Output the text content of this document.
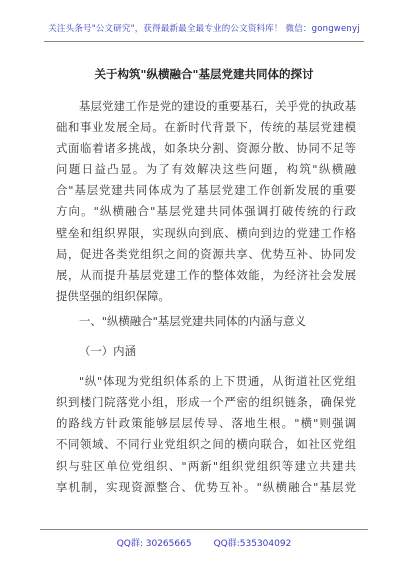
关注头条号"公文研究"，获得最新最全最专业的公文资料库！ 微信：gongwenyj
关于构筑"纵横融合"基层党建共同体的探讨

基层党建工作是党的建设的重要基石，关乎党的执政基
础和事业发展全局。在新时代背景下，传统的基层党建模
式面临着诸多挑战，如条块分割、资源分散、协同不足等
问题日益凸显。为了有效解决这些问题，构筑"纵横融
合"基层党建共同体成为了基层党建工作创新发展的重要
方向。"纵横融合"基层党建共同体强调打破传统的行政
壁垒和组织界限，实现纵向到底、横向到边的党建工作格
局，促进各类党组织之间的资源共享、优势互补、协同发
展，从而提升基层党建工作的整体效能，为经济社会发展
提供坚强的组织保障。

一、"纵横融合"基层党建共同体的内涵与意义

（一）内涵

"纵"体现为党组织体系的上下贯通，从街道社区党组
织到楼门院落党小组，形成一个严密的组织链条，确保党
的路线方针政策能够层层传导、落地生根。"横"则强调
不同领域、不同行业党组织之间的横向联合，如社区党组
织与驻区单位党组织、"两新"组织党组织等建立共建共
享机制，实现资源整合、优势互补。"纵横融合"基层党

QQ群: 30265665 QQ群:535304092
